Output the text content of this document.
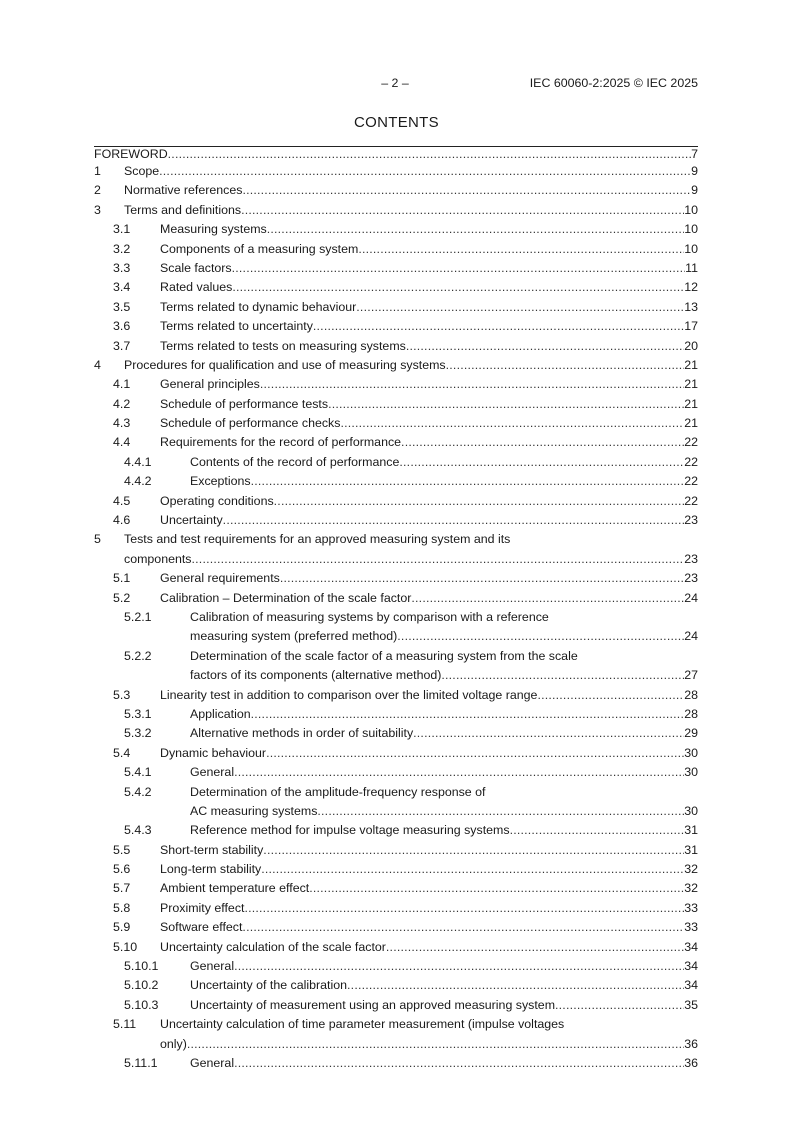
– 2 –	IEC 60060-2:2025 © IEC 2025
CONTENTS
FOREWORD .....	7
1 Scope .....	9
2 Normative references .....	9
3 Terms and definitions .....	10
3.1 Measuring systems .....	10
3.2 Components of a measuring system .....	10
3.3 Scale factors .....	11
3.4 Rated values .....	12
3.5 Terms related to dynamic behaviour .....	13
3.6 Terms related to uncertainty .....	17
3.7 Terms related to tests on measuring systems .....	20
4 Procedures for qualification and use of measuring systems .....	21
4.1 General principles .....	21
4.2 Schedule of performance tests .....	21
4.3 Schedule of performance checks .....	21
4.4 Requirements for the record of performance .....	22
4.4.1	Contents of the record of performance .....	22
4.4.2	Exceptions .....	22
4.5 Operating conditions .....	22
4.6 Uncertainty .....	23
5 Tests and test requirements for an approved measuring system and its
components .....	23
5.1 General requirements .....	23
5.2 Calibration – Determination of the scale factor .....	24
5.2.1	Calibration of measuring systems by comparison with a reference
measuring system (preferred method) .....	24
5.2.2	Determination of the scale factor of a measuring system from the scale
factors of its components (alternative method) .....	27
5.3 Linearity test in addition to comparison over the limited voltage range .....	28
5.3.1	Application .....	28
5.3.2	Alternative methods in order of suitability .....	29
5.4 Dynamic behaviour .....	30
5.4.1	General .....	30
5.4.2	Determination of the amplitude-frequency response of
AC measuring systems .....	30
5.4.3	Reference method for impulse voltage measuring systems .....	31
5.5 Short-term stability .....	31
5.6 Long-term stability .....	32
5.7 Ambient temperature effect .....	32
5.8 Proximity effect .....	33
5.9 Software effect .....	33
5.10 Uncertainty calculation of the scale factor .....	34
5.10.1	General .....	34
5.10.2	Uncertainty of the calibration .....	34
5.10.3	Uncertainty of measurement using an approved measuring system .....	35
5.11 Uncertainty calculation of time parameter measurement (impulse voltages
only) .....	36
5.11.1	General .....	36
